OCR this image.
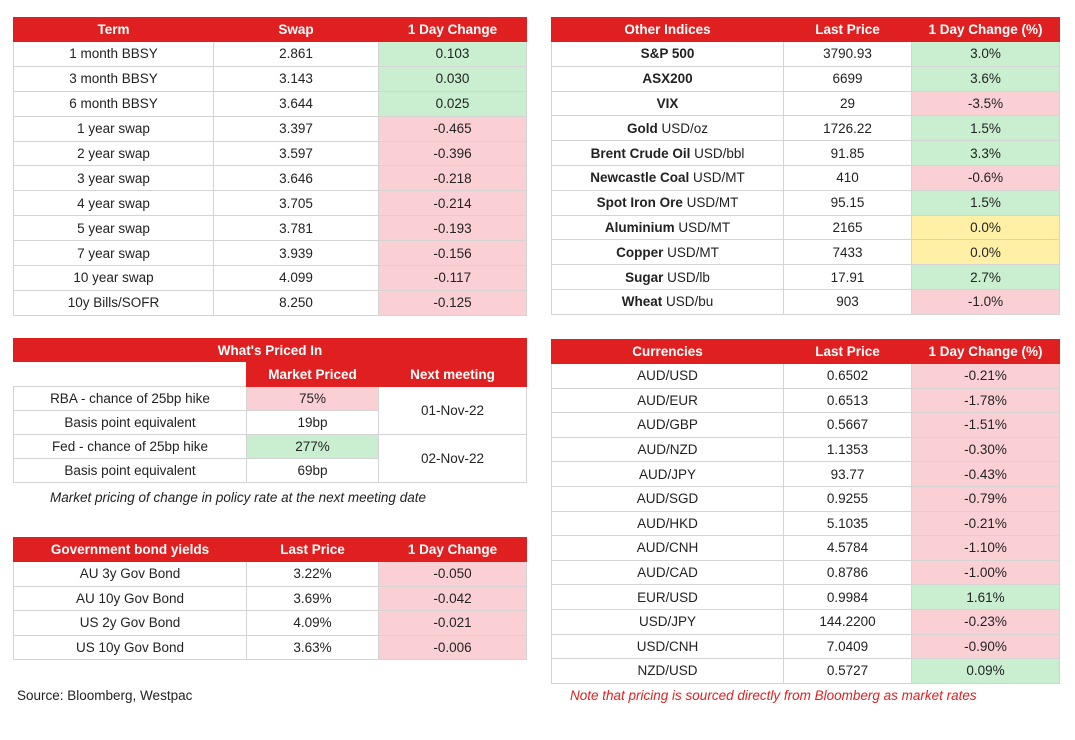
Term	Swap	1 Day Change
1 month BBSY	2.861	0.103
3 month BBSY	3.143	0.030
6 month BBSY	3.644	0.025
1 year swap	3.397	-0.465
2 year swap	3.597	-0.396
3 year swap	3.646	-0.218
4 year swap	3.705	-0.214
5 year swap	3.781	-0.193
7 year swap	3.939	-0.156
10 year swap	4.099	-0.117
10y Bills/SOFR	8.250	-0.125
Other Indices	Last Price	1 Day Change (%)
S&P 500	3790.93	3.0%
ASX200	6699	3.6%
VIX	29	-3.5%
Gold USD/oz	1726.22	1.5%
Brent Crude Oil USD/bbl	91.85	3.3%
Newcastle Coal USD/MT	410	-0.6%
Spot Iron Ore USD/MT	95.15	1.5%
Aluminium USD/MT	2165	0.0%
Copper USD/MT	7433	0.0%
Sugar USD/lb	17.91	2.7%
Wheat USD/bu	903	-1.0%
What's Priced In		
	Market Priced	Next meeting
RBA - chance of 25bp hike	75%	01-Nov-22
Basis point equivalent	19bp	
Fed - chance of 25bp hike	277%	02-Nov-22
Basis point equivalent	69bp	

Market pricing of change in policy rate at the next meeting date

Government bond yields	Last Price	1 Day Change
AU 3y Gov Bond	3.22%	-0.050
AU 10y Gov Bond	3.69%	-0.042
US 2y Gov Bond	4.09%	-0.021
US 10y Gov Bond	3.63%	-0.006
Currencies	Last Price	1 Day Change (%)
AUD/USD	0.6502	-0.21%
AUD/EUR	0.6513	-1.78%
AUD/GBP	0.5667	-1.51%
AUD/NZD	1.1353	-0.30%
AUD/JPY	93.77	-0.43%
AUD/SGD	0.9255	-0.79%
AUD/HKD	5.1035	-0.21%
AUD/CNH	4.5784	-1.10%
AUD/CAD	0.8786	-1.00%
EUR/USD	0.9984	1.61%
USD/JPY	144.2200	-0.23%
USD/CNH	7.0409	-0.90%
NZD/USD	0.5727	0.09%

Source: Bloomberg, Westpac	Note that pricing is sourced directly from Bloomberg as market rates
